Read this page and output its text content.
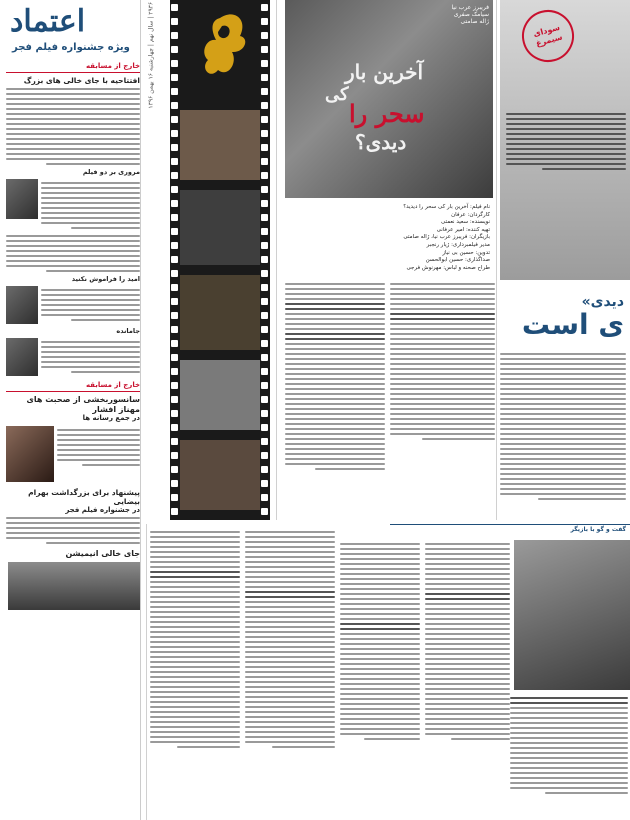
اعتماد
ویژه جشنواره فیلم فجر
۲۹۳۶ | سال نهم | چهارشنبه ۱۶ بهمن ۱۳۹۶
خارج از مسابقه
افتتاحیه با جای خالی های بزرگ
مروری بر دو فیلم
امید را فراموش نکنید
جامانده
خارج از مسابقه
سانسوربخشی از صحبت های مهناز افشار
در جمع رسانه ها
پیشنهاد برای بزرگداشت بهرام بیضایی
در جشنواره فیلم فجر
جای خالی انیمیشن
فریبرز عرب نیا
سیامک صفری
ژاله صامتی
آخرین بار
کی
سحر را
دیدی؟
نام فیلم: آخرین بار کی سحر را دیدید؟
کارگردان: عرفان
نویسنده: سعید نعمتی
تهیه کننده: امیر عرفانی
بازیگران: فریبرز عرب نیا، ژاله صامتی
مدیر فیلمبرداری: ژیار رنجبر
تدوین: حسین بی نیاز
صداگذاری: حسین ابوالحسن
طراح صحنه و لباس: مهرنوش فرجی
سودای سیمرغ
دیدی»
ی است
گفت و گو با بازیگر
